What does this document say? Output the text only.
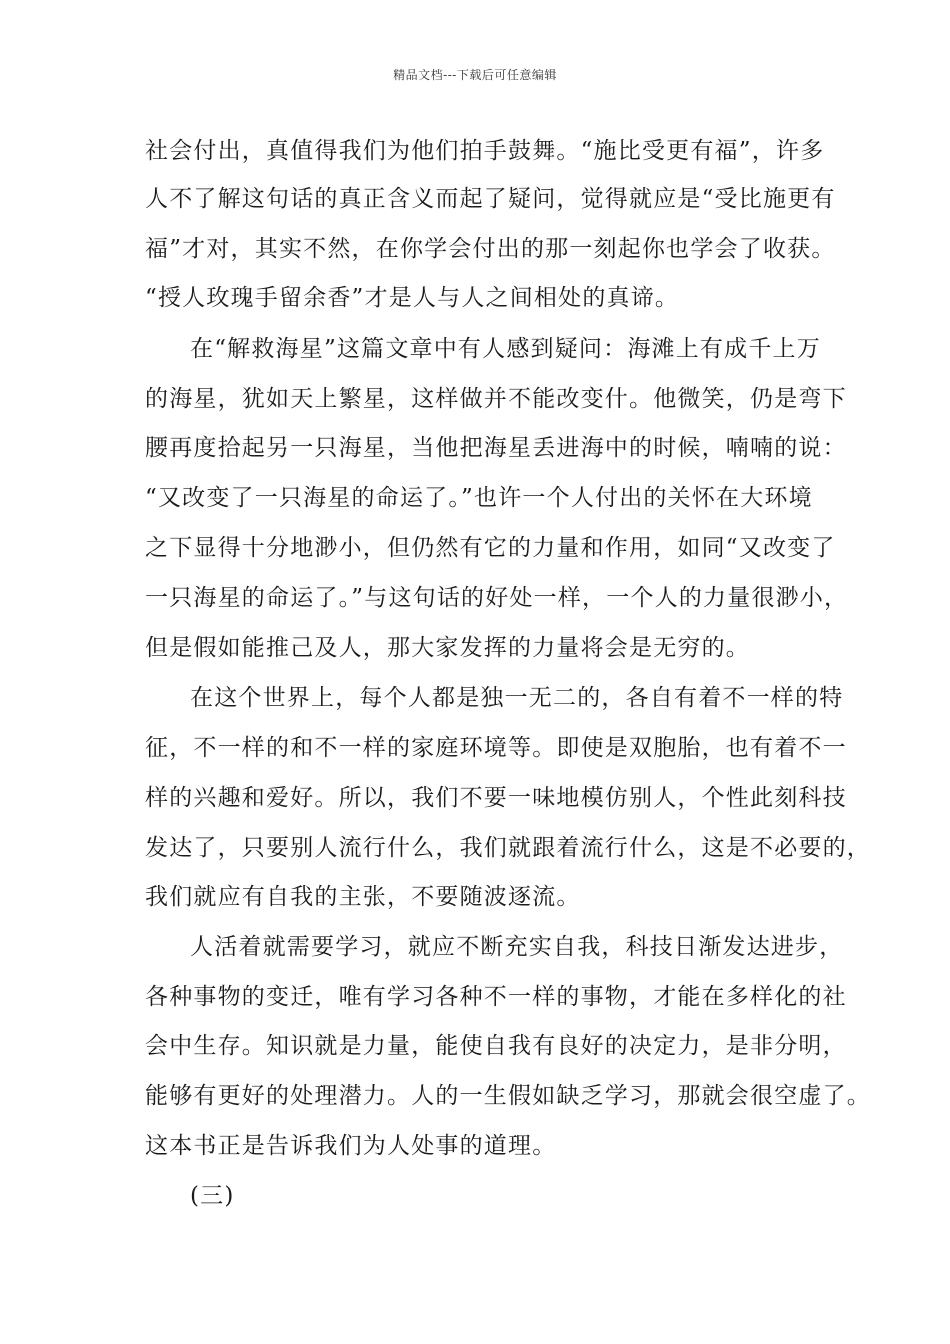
精品文档---下载后可任意编辑
社会付出，真值得我们为他们拍手鼓舞。“施比受更有福”，许多
人不了解这句话的真正含义而起了疑问，觉得就应是“受比施更有
福”才对，其实不然，在你学会付出的那一刻起你也学会了收获。
“授人玫瑰手留余香”才是人与人之间相处的真谛。
在“解救海星”这篇文章中有人感到疑问：海滩上有成千上万
的海星，犹如天上繁星，这样做并不能改变什。他微笑，仍是弯下
腰再度拾起另一只海星，当他把海星丢进海中的时候，喃喃的说：
“又改变了一只海星的命运了。”也许一个人付出的关怀在大环境
之下显得十分地渺小，但仍然有它的力量和作用，如同“又改变了
一只海星的命运了。”与这句话的好处一样，一个人的力量很渺小，
但是假如能推己及人，那大家发挥的力量将会是无穷的。
在这个世界上，每个人都是独一无二的，各自有着不一样的特
征，不一样的和不一样的家庭环境等。即使是双胞胎，也有着不一
样的兴趣和爱好。所以，我们不要一味地模仿别人，个性此刻科技
发达了，只要别人流行什么，我们就跟着流行什么，这是不必要的，
我们就应有自我的主张，不要随波逐流。
人活着就需要学习，就应不断充实自我，科技日渐发达进步，
各种事物的变迁，唯有学习各种不一样的事物，才能在多样化的社
会中生存。知识就是力量，能使自我有良好的决定力，是非分明，
能够有更好的处理潜力。人的一生假如缺乏学习，那就会很空虚了。
这本书正是告诉我们为人处事的道理。
(三)
